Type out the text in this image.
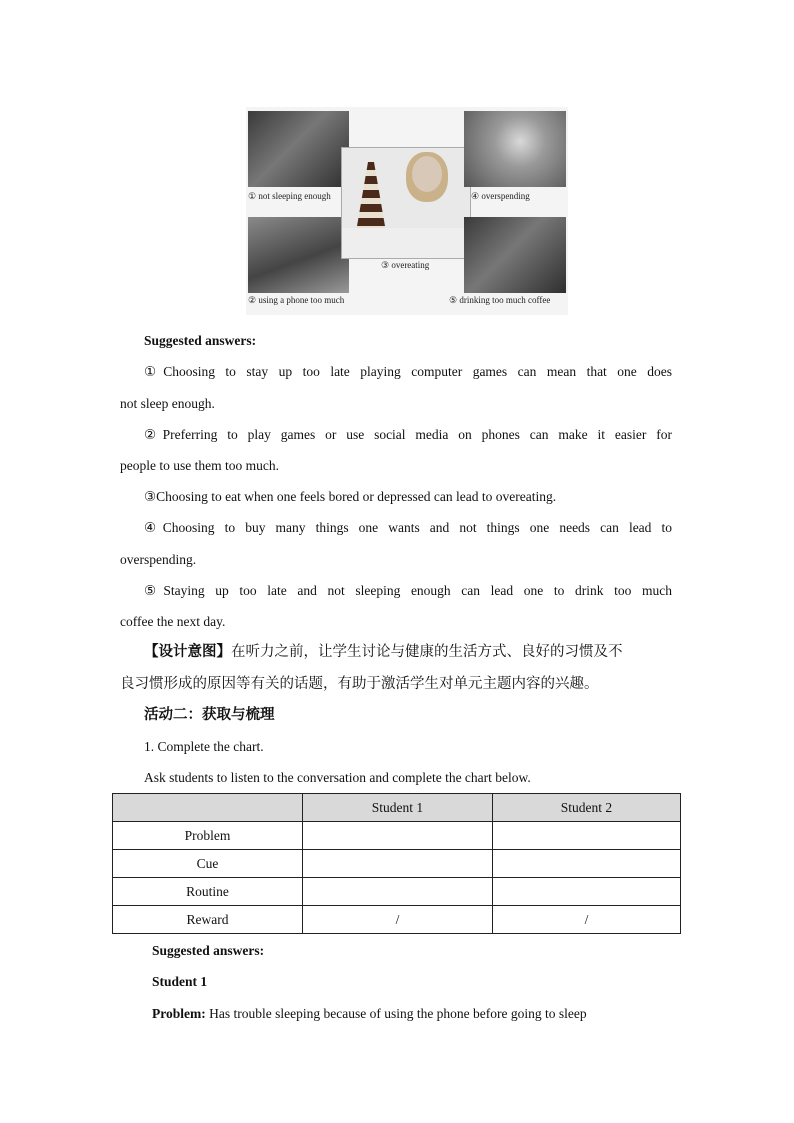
① not sleeping enough
② using a phone too much
③ overeating
④ overspending
⑤ drinking too much coffee
Suggested answers:
①Choosing to stay up too late playing computer games can mean that one does
not sleep enough.
②Preferring to play games or use social media on phones can make it easier for
people to use them too much.
③Choosing to eat when one feels bored or depressed can lead to overeating.
④Choosing to buy many things one wants and not things one needs can lead to
overspending.
⑤Staying up too late and not sleeping enough can lead one to drink too much
coffee the next day.
【设计意图】在听力之前，让学生讨论与健康的生活方式、良好的习惯及不
良习惯形成的原因等有关的话题，有助于激活学生对单元主题内容的兴趣。
活动二：获取与梳理
1. Complete the chart.
Ask students to listen to the conversation and complete the chart below.
	Student 1	Student 2
Problem		
Cue		
Routine		
Reward	/	/
Suggested answers:
Student 1
Problem: Has trouble sleeping because of using the phone before going to sleep
